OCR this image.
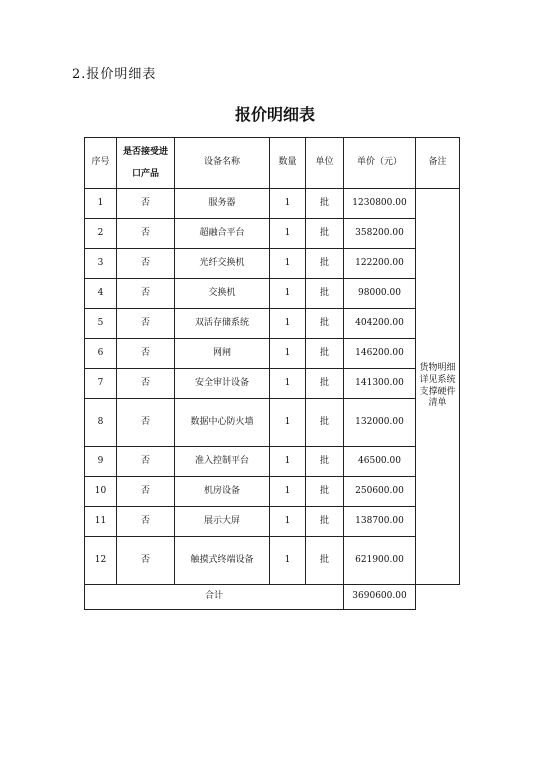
2.报价明细表
报价明细表
序号	是否接受进口产品	设备名称	数量	单位	单价（元）	备注
1	否	服务器	1	批	1230800.00	货物明细详见系统支撑硬件清单
2	否	超融合平台	1	批	358200.00	
3	否	光纤交换机	1	批	122200.00	
4	否	交换机	1	批	98000.00	
5	否	双活存储系统	1	批	404200.00	
6	否	网闸	1	批	146200.00	
7	否	安全审计设备	1	批	141300.00	
8	否	数据中心防火墙	1	批	132000.00	
9	否	准入控制平台	1	批	46500.00	
10	否	机房设备	1	批	250600.00	
11	否	展示大屏	1	批	138700.00	
12	否	触摸式终端设备	1	批	621900.00	
合计					3690600.00	
